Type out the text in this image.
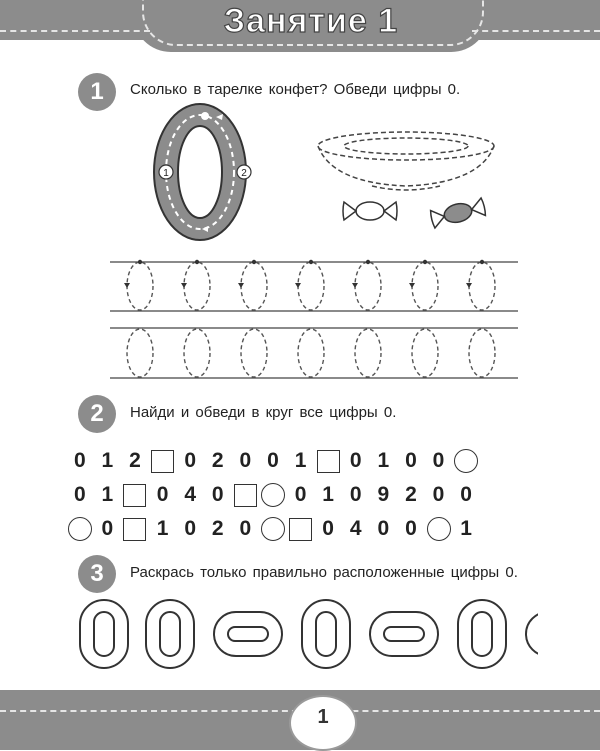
Занятие 1
1	Сколько в тарелке конфет? Обведи цифры 0.
1	2
2	Найди и обведи в круг все цифры 0.
0 1 2	0 2 0 0 1	0 1 0 0
0 1	0 4 0	0 1 0 9 2 0 0
0	1 0 2 0	0 4 0 0	1
3	Раскрась только правильно расположенные цифры 0.
1
